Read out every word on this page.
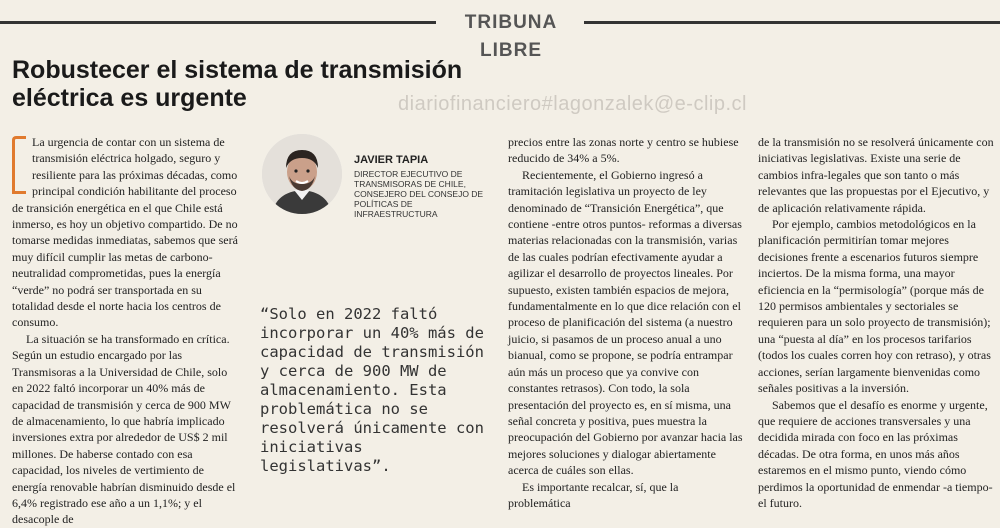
TRIBUNA LIBRE
Robustecer el sistema de transmisión eléctrica es urgente	diariofinanciero#lagonzalek@e-clip.cl

La urgencia de contar con un sistema de transmisión eléctrica holgado, seguro y resiliente para las próximas décadas, como principal condición habilitante del proceso de transición energética en el que Chile está inmerso, es hoy un objetivo compartido. De no tomarse medidas inmediatas, sabemos que será muy difícil cumplir las metas de carbono-neutralidad comprometidas, pues la energía “verde” no podrá ser transportada en su totalidad desde el norte hacia los centros de consumo.

La situación se ha transformado en crítica. Según un estudio encargado por las Transmisoras a la Universidad de Chile, solo en 2022 faltó incorporar un 40% más de capacidad de transmisión y cerca de 900 MW de almacenamiento, lo que habría implicado inversiones extra por alrededor de US$ 2 mil millones. De haberse contado con esa capacidad, los niveles de vertimiento de energía renovable habrían disminuido desde el 6,4% registrado ese año a un 1,1%; y el desacople de

JAVIER TAPIA
DIRECTOR EJECUTIVO DE TRANSMISORAS DE CHILE, CONSEJERO DEL CONSEJO DE POLÍTICAS DE INFRAESTRUCTURA
“Solo en 2022 faltó incorporar un 40% más de capacidad de transmisión y cerca de 900 MW de almacenamiento. Esta problemática no se resolverá únicamente con iniciativas legislativas”.

precios entre las zonas norte y centro se hubiese reducido de 34% a 5%.

Recientemente, el Gobierno ingresó a tramitación legislativa un proyecto de ley denominado de “Transición Energética”, que contiene -entre otros puntos- reformas a diversas materias relacionadas con la transmisión, varias de las cuales podrían efectivamente ayudar a agilizar el desarrollo de proyectos lineales. Por supuesto, existen también espacios de mejora, fundamentalmente en lo que dice relación con el proceso de planificación del sistema (a nuestro juicio, si pasamos de un proceso anual a uno bianual, como se propone, se podría entrampar aún más un proceso que ya convive con constantes retrasos). Con todo, la sola presentación del proyecto es, en sí misma, una señal concreta y positiva, pues muestra la preocupación del Gobierno por avanzar hacia las mejores soluciones y dialogar abiertamente acerca de cuáles son ellas.

Es importante recalcar, sí, que la problemática

de la transmisión no se resolverá únicamente con iniciativas legislativas. Existe una serie de cambios infra-legales que son tanto o más relevantes que las propuestas por el Ejecutivo, y de aplicación relativamente rápida.

Por ejemplo, cambios metodológicos en la planificación permitirían tomar mejores decisiones frente a escenarios futuros siempre inciertos. De la misma forma, una mayor eficiencia en la “permisología” (porque más de 120 permisos ambientales y sectoriales se requieren para un solo proyecto de transmisión); una “puesta al día” en los procesos tarifarios (todos los cuales corren hoy con retraso), y otras acciones, serían largamente bienvenidas como señales positivas a la inversión.

Sabemos que el desafío es enorme y urgente, que requiere de acciones transversales y una decidida mirada con foco en las próximas décadas. De otra forma, en unos más años estaremos en el mismo punto, viendo cómo perdimos la oportunidad de enmendar -a tiempo- el futuro.
